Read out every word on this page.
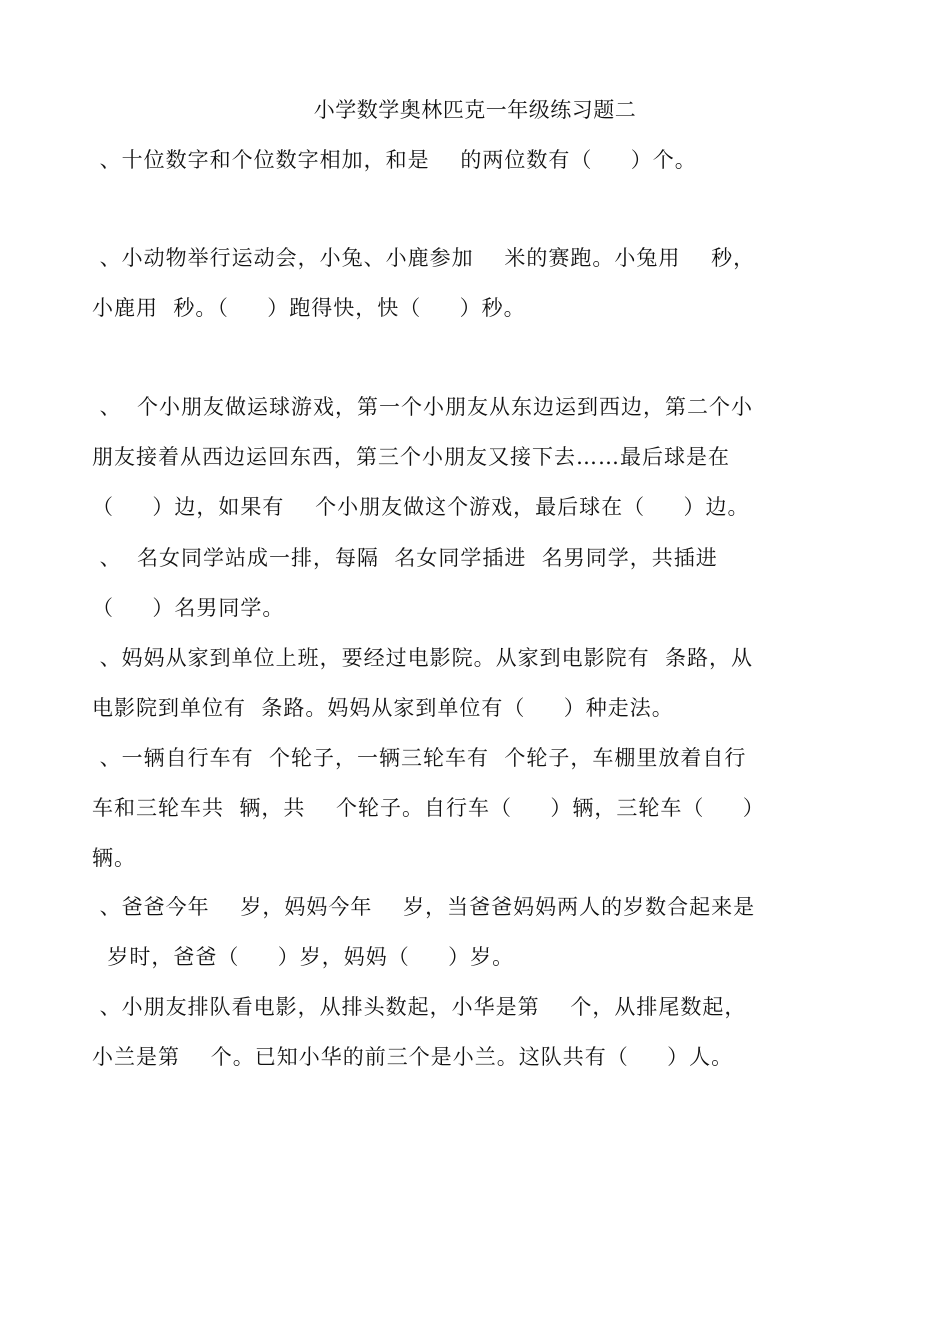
小学数学奥林匹克一年级练习题二
、十位数字和个位数字相加，和是    的两位数有（     ）个。
、小动物举行运动会，小兔、小鹿参加    米的赛跑。小兔用    秒，
小鹿用  秒。（     ）跑得快，快（     ）秒。
、  个小朋友做运球游戏，第一个小朋友从东边运到西边，第二个小
朋友接着从西边运回东西，第三个小朋友又接下去……最后球是在
（     ）边，如果有    个小朋友做这个游戏，最后球在（     ）边。
、  名女同学站成一排，每隔  名女同学插进  名男同学，共插进
（     ）名男同学。
、妈妈从家到单位上班，要经过电影院。从家到电影院有  条路，从
电影院到单位有  条路。妈妈从家到单位有（     ）种走法。
、一辆自行车有  个轮子，一辆三轮车有  个轮子，车棚里放着自行
车和三轮车共  辆，共    个轮子。自行车（     ）辆，三轮车（     ）
辆。
、爸爸今年    岁，妈妈今年    岁，当爸爸妈妈两人的岁数合起来是
岁时，爸爸（     ）岁，妈妈（     ）岁。
、小朋友排队看电影，从排头数起，小华是第    个，从排尾数起，
小兰是第    个。已知小华的前三个是小兰。这队共有（     ）人。
